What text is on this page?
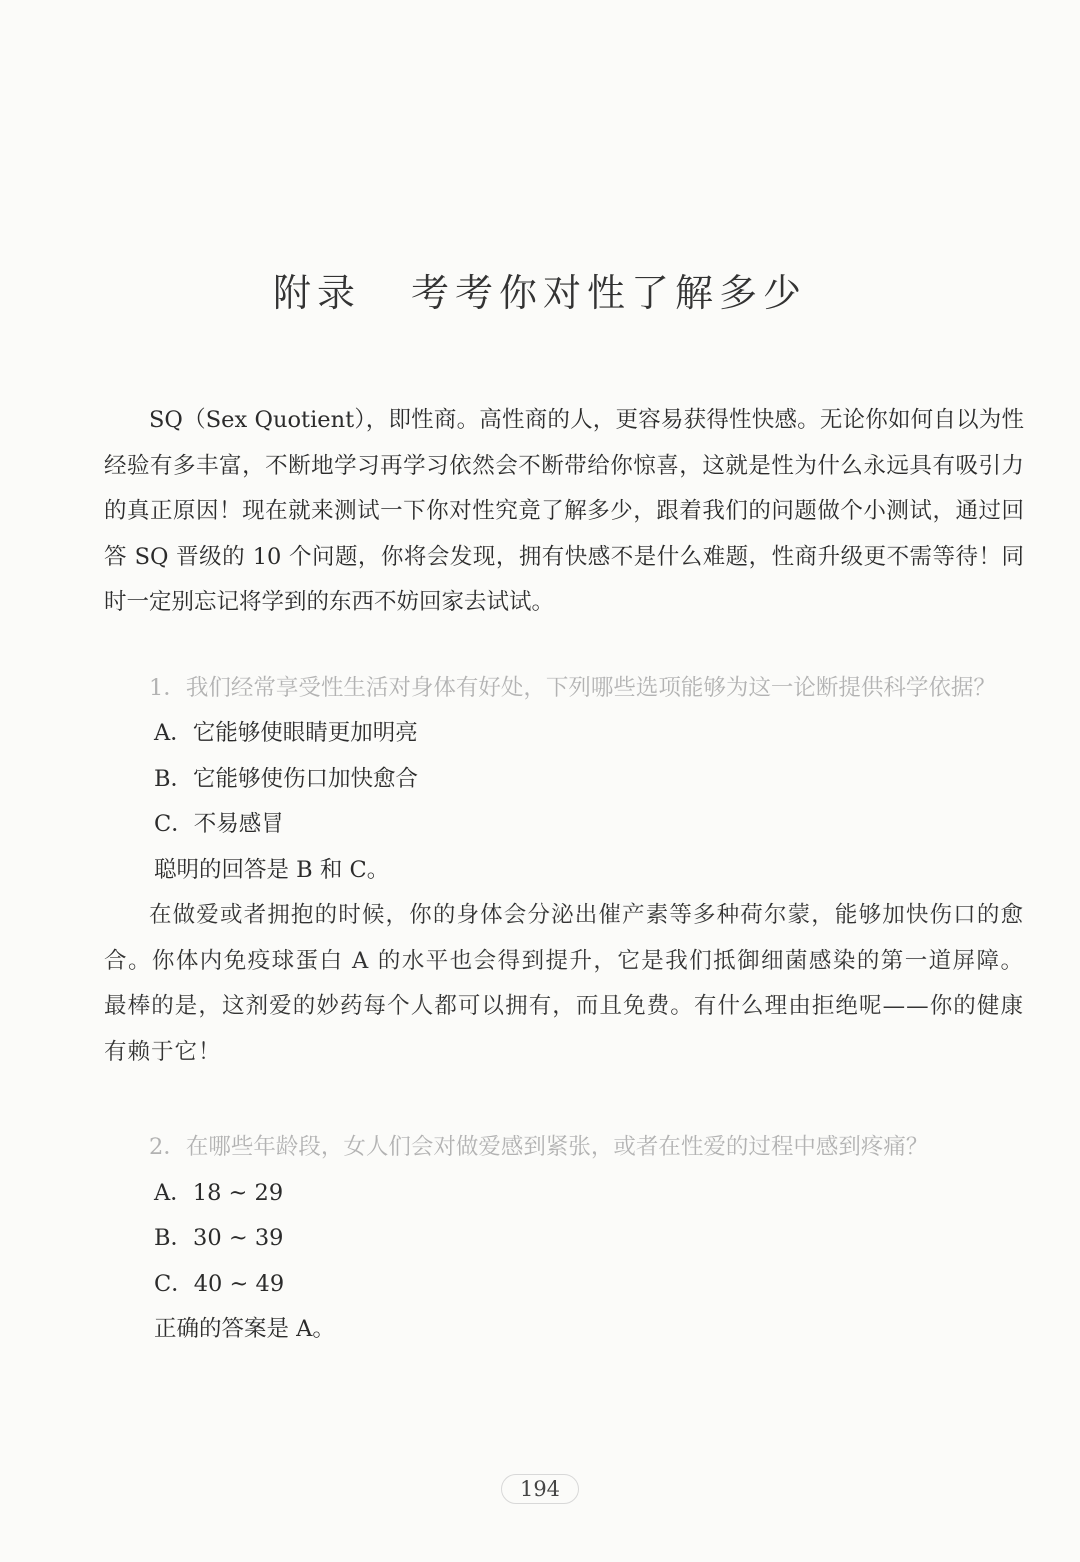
附录 考考你对性了解多少

SQ（Sex Quotient），即性商。高性商的人，更容易获得性快感。无论你如何自以为性经验有多丰富，不断地学习再学习依然会不断带给你惊喜，这就是性为什么永远具有吸引力的真正原因！现在就来测试一下你对性究竟了解多少，跟着我们的问题做个小测试，通过回答 SQ 晋级的 10 个问题，你将会发现，拥有快感不是什么难题，性商升级更不需等待！同时一定别忘记将学到的东西不妨回家去试试。

1．我们经常享受性生活对身体有好处，下列哪些选项能够为这一论断提供科学依据？

A．它能够使眼睛更加明亮

B．它能够使伤口加快愈合

C．不易感冒

聪明的回答是 B 和 C。

在做爱或者拥抱的时候，你的身体会分泌出催产素等多种荷尔蒙，能够加快伤口的愈合。你体内免疫球蛋白 A 的水平也会得到提升，它是我们抵御细菌感染的第一道屏障。最棒的是，这剂爱的妙药每个人都可以拥有，而且免费。有什么理由拒绝呢——你的健康有赖于它！

2．在哪些年龄段，女人们会对做爱感到紧张，或者在性爱的过程中感到疼痛？

A．18 ~ 29

B．30 ~ 39

C．40 ~ 49

正确的答案是 A。

194
